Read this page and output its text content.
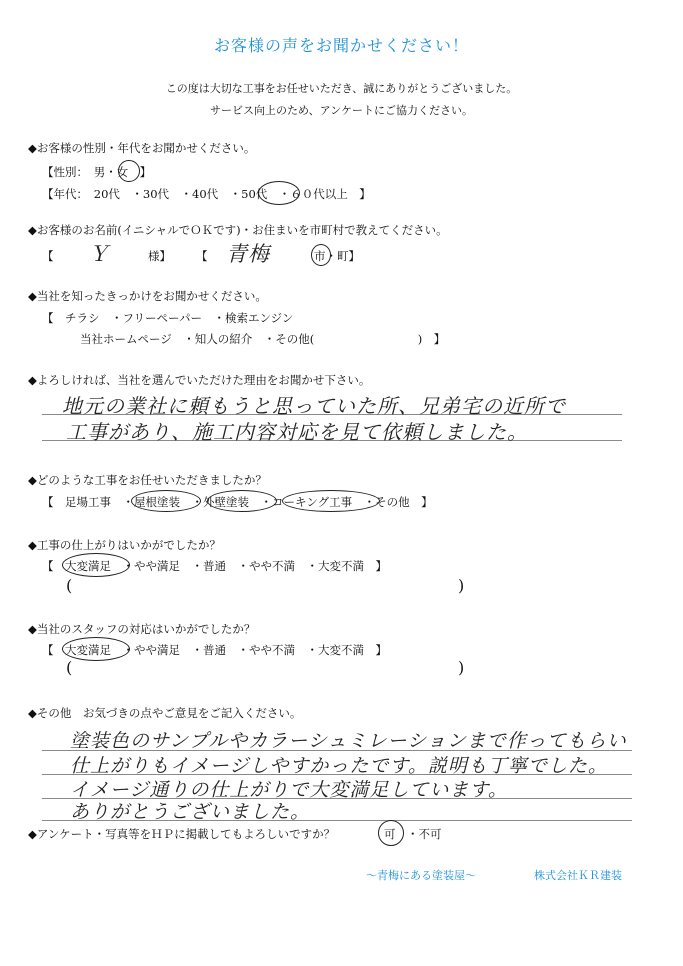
お客様の声をお聞かせください！
この度は大切な工事をお任せいただき、誠にありがとうございました。
サービス向上のため、アンケートにご協力ください。
◆お客様の性別・年代をお聞かせください。
【性別：　男・女　】
【年代：　20代　・30代　・40代　・50代　・６０代以上　】
◆お客様のお名前(イニシャルでＯＫです)・お住まいを市町村で教えてください。
【 Ｙ	様】 【 青梅	市・町】
◆当社を知ったきっかけをお聞かせください。
【　チラシ　・フリーペーパー　・検索エンジン
当社ホームページ　・知人の紹介　・その他(　　　　　　　　　)　】
◆よろしければ、当社を選んでいただけた理由をお聞かせ下さい。
地元の業社に頼もうと思っていた所、兄弟宅の近所で
工事があり、施工内容対応を見て依頼しました。
◆どのような工事をお任せいただきましたか？
【　足場工事　・屋根塗装　・外壁塗装　・コーキング工事　・その他　】
◆工事の仕上がりはいかがでしたか？
【　大変満足　・やや満足　・普通　・やや不満　・大変不満　】
(	)
◆当社のスタッフの対応はいかがでしたか？
【　大変満足　・やや満足　・普通　・やや不満　・大変不満　】
(	)
◆その他　お気づきの点やご意見をご記入ください。
塗装色のサンプルやカラーシュミレーションまで作ってもらい
仕上がりもイメージしやすかったです。説明も丁寧でした。
イメージ通りの仕上がりで大変満足しています。
ありがとうございました。
◆アンケート・写真等をＨＰに掲載してもよろしいですか？	可　・不可
～青梅にある塗装屋～	株式会社ＫＲ建装
